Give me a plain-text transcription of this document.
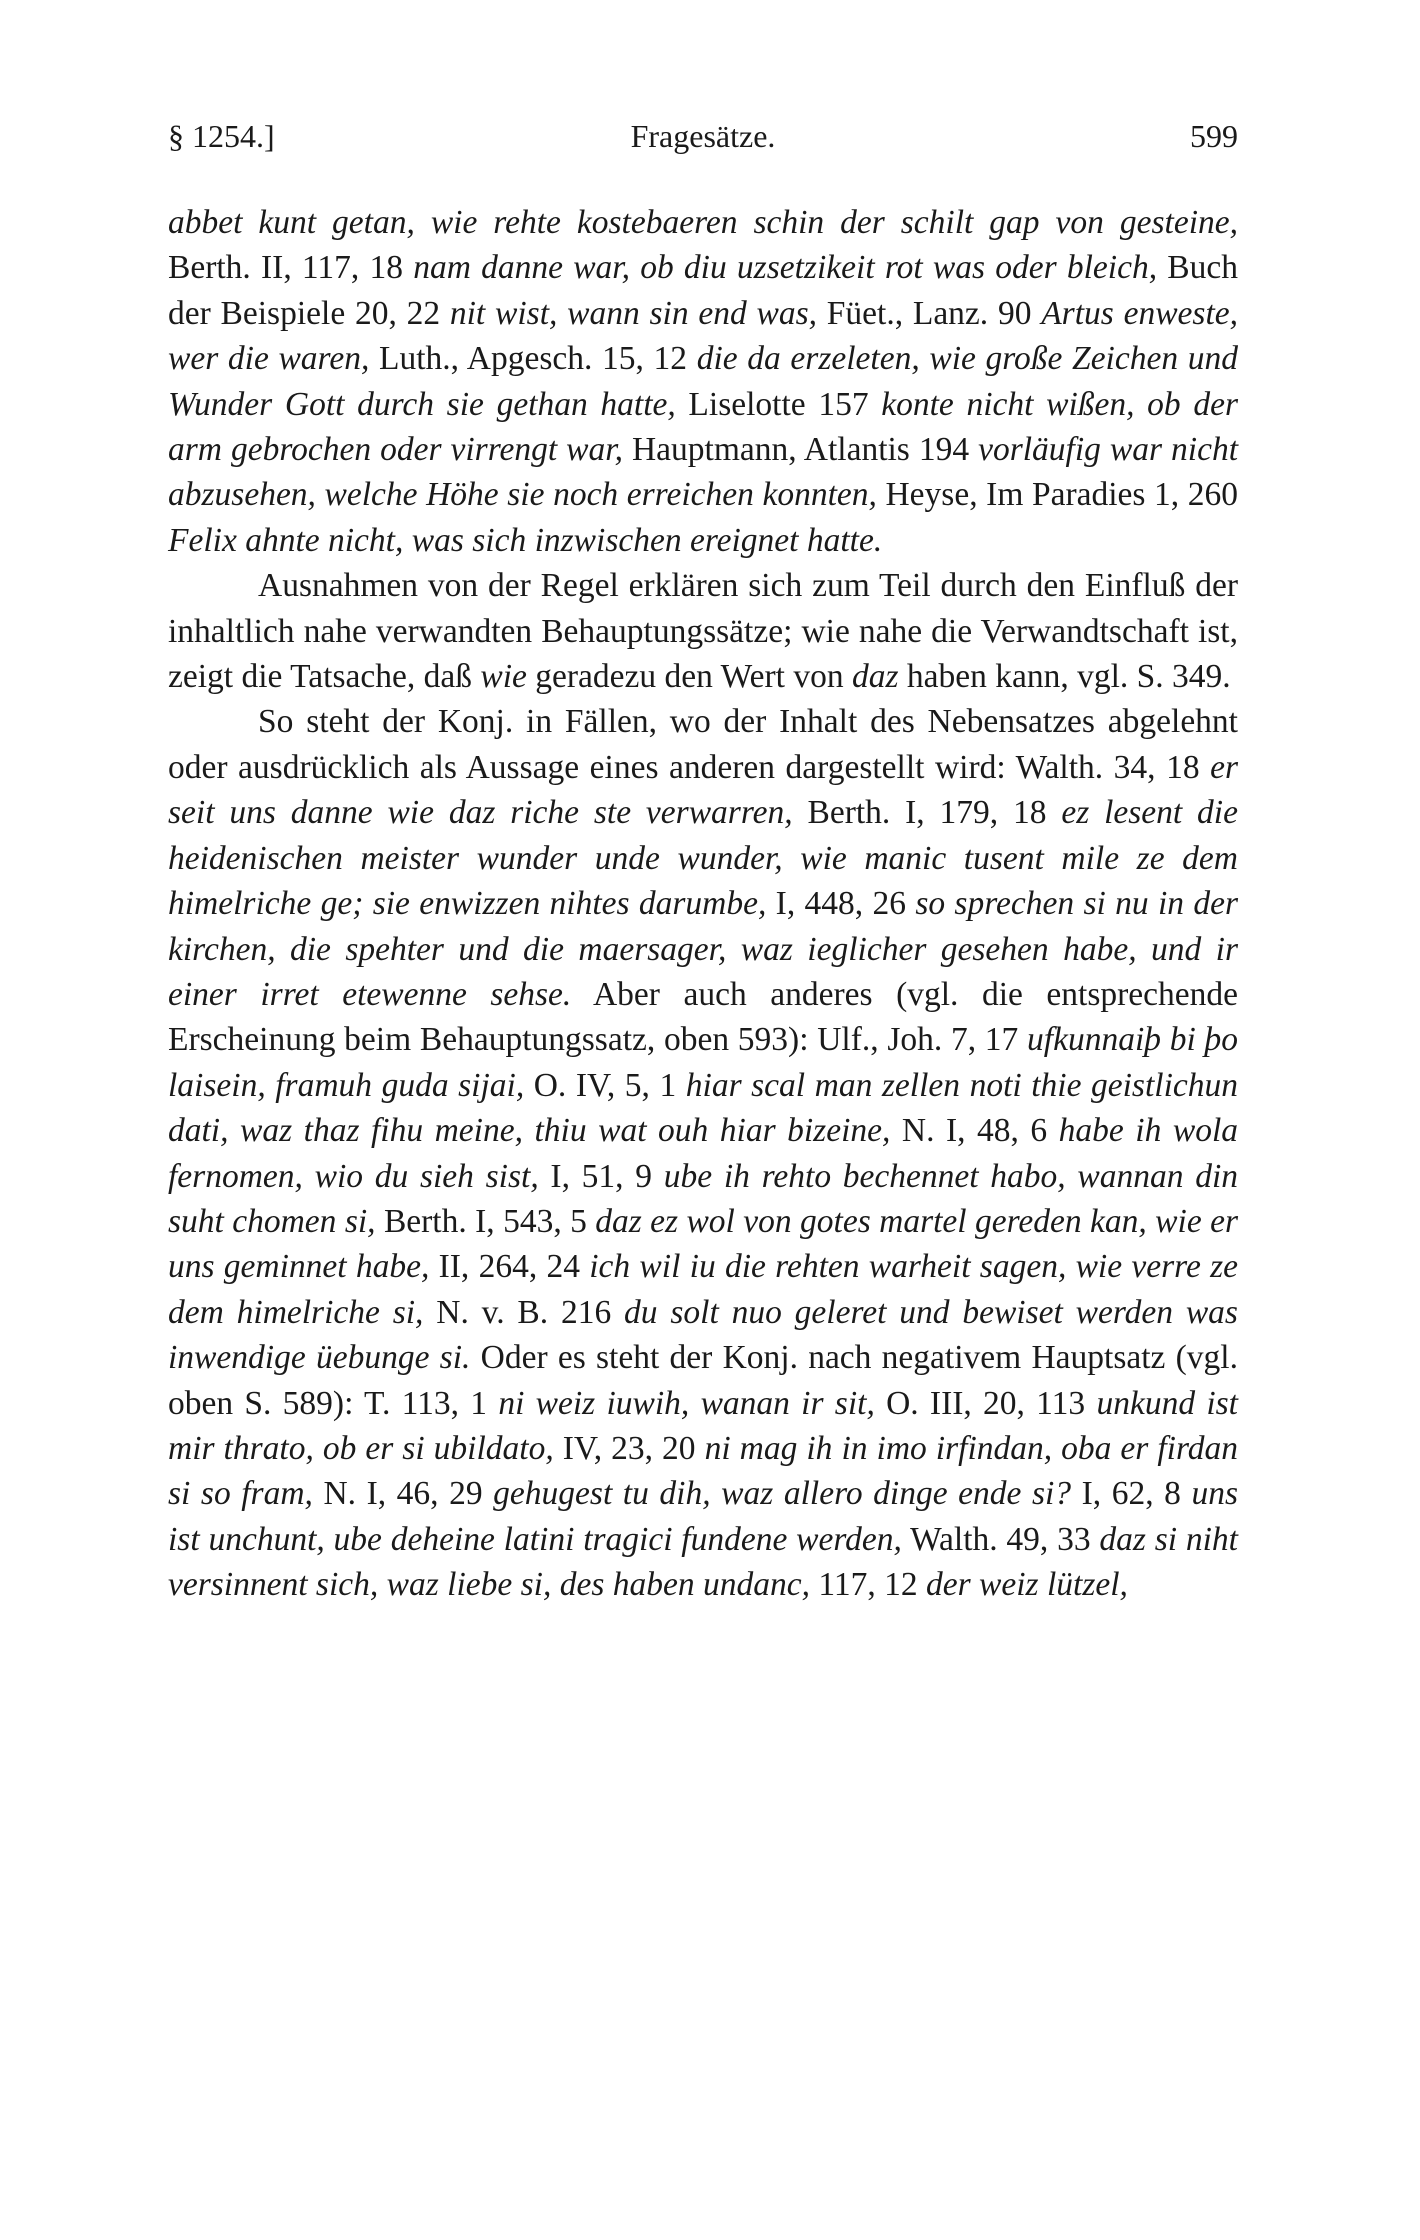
§ 1254.]	Fragesätze.	599

abbet kunt getan, wie rehte kostebaeren schin der schilt gap von gesteine, Berth. II, 117, 18 nam danne war, ob diu uzsetzikeit rot was oder bleich, Buch der Beispiele 20, 22 nit wist, wann sin end was, Füet., Lanz. 90 Artus enweste, wer die waren, Luth., Apgesch. 15, 12 die da erzeleten, wie große Zeichen und Wunder Gott durch sie gethan hatte, Liselotte 157 konte nicht wißen, ob der arm gebrochen oder virrengt war, Hauptmann, Atlantis 194 vorläufig war nicht abzusehen, welche Höhe sie noch erreichen konnten, Heyse, Im Paradies 1, 260 Felix ahnte nicht, was sich inzwischen ereignet hatte.

Ausnahmen von der Regel erklären sich zum Teil durch den Einfluß der inhaltlich nahe verwandten Behauptungssätze; wie nahe die Verwandtschaft ist, zeigt die Tatsache, daß wie geradezu den Wert von daz haben kann, vgl. S. 349.

So steht der Konj. in Fällen, wo der Inhalt des Nebensatzes abgelehnt oder ausdrücklich als Aussage eines anderen dargestellt wird: Walth. 34, 18 er seit uns danne wie daz riche ste verwarren, Berth. I, 179, 18 ez lesent die heidenischen meister wunder unde wunder, wie manic tusent mile ze dem himelriche ge; sie enwizzen nihtes darumbe, I, 448, 26 so sprechen si nu in der kirchen, die spehter und die maersager, waz ieglicher gesehen habe, und ir einer irret etewenne sehse. Aber auch anderes (vgl. die entsprechende Erscheinung beim Behauptungssatz, oben 593): Ulf., Joh. 7, 17 ufkunnaiþ bi þo laisein, framuh guda sijai, O. IV, 5, 1 hiar scal man zellen noti thie geistlichun dati, waz thaz fihu meine, thiu wat ouh hiar bizeine, N. I, 48, 6 habe ih wola fernomen, wio du sieh sist, I, 51, 9 ube ih rehto bechennet habo, wannan din suht chomen si, Berth. I, 543, 5 daz ez wol von gotes martel gereden kan, wie er uns geminnet habe, II, 264, 24 ich wil iu die rehten warheit sagen, wie verre ze dem himelriche si, N. v. B. 216 du solt nuo geleret und bewiset werden was inwendige üebunge si. Oder es steht der Konj. nach negativem Hauptsatz (vgl. oben S. 589): T. 113, 1 ni weiz iuwih, wanan ir sit, O. III, 20, 113 unkund ist mir thrato, ob er si ubildato, IV, 23, 20 ni mag ih in imo irfindan, oba er firdan si so fram, N. I, 46, 29 gehugest tu dih, waz allero dinge ende si? I, 62, 8 uns ist unchunt, ube deheine latini tragici fundene werden, Walth. 49, 33 daz si niht versinnent sich, waz liebe si, des haben undanc, 117, 12 der weiz lützel,
